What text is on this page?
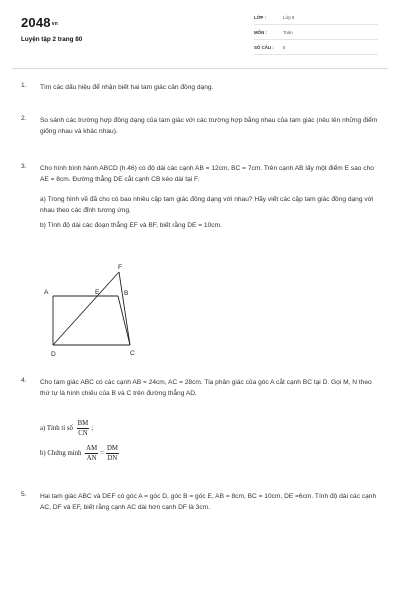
2048vn
Luyện tập 2 trang 80
LỚP :	Lớp 8
MÔN :	Toán
SỐ CÂU : 5
1. Tìm các dấu hiệu để nhận biết hai tam giác cân đồng dạng.

2. So sánh các trường hợp đồng dạng của tam giác với các trường hợp bằng nhau của tam giác (nêu lên những điểm giống nhau và khác nhau).

3. Cho hình bình hành ABCD (h.46) có độ dài các cạnh AB = 12cm, BC = 7cm. Trên cạnh AB lấy một điểm E sao cho AE = 8cm. Đường thẳng DE cắt cạnh CB kéo dài tại F.

a) Trong hình vẽ đã cho có bao nhiêu cặp tam giác đồng dạng với nhau? Hãy viết các cặp tam giác đồng dạng với nhau theo các đỉnh tương ứng.

b) Tính độ dài các đoạn thẳng EF và BF, biết rằng DE = 10cm.

A	E	B
F
D	C
4. Cho tam giác ABC có các cạnh AB = 24cm, AC = 28cm. Tia phân giác của góc A cắt cạnh BC tại D. Gọi M, N theo thứ tự là hình chiếu của B và C trên đường thẳng AD.

a) Tính tỉ số $\frac{BM}{CN}$ ;
b) Chứng minh $\frac{AM}{AN} = \frac{DM}{DN}$
5. Hai tam giác ABC và DEF có góc A = góc D, góc B = góc E, AB = 8cm, BC = 10cm, DE =6cm. Tính độ dài các cạnh AC, DF và EF, biết rằng cạnh AC dài hơn cạnh DF là 3cm.
